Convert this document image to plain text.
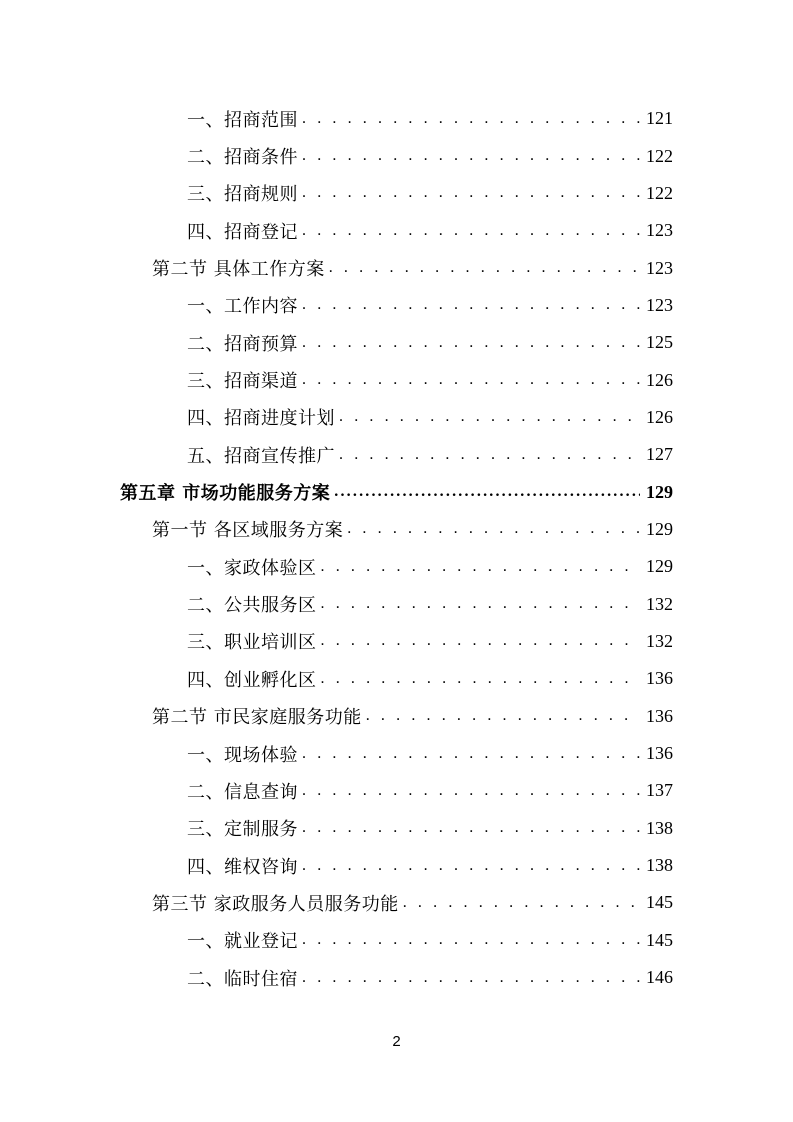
一、招商范围 . . .	121
二、招商条件 . . .	122
三、招商规则 . . .	122
四、招商登记 . . .	123
第二节 具体工作方案 . . .	123
一、工作内容 . . .	123
二、招商预算 . . .	125
三、招商渠道 . . .	126
四、招商进度计划 . . .	126
五、招商宣传推广 . . .	127
第五章 市场功能服务方案 .....	129
第一节 各区域服务方案 . . .	129
一、家政体验区 . . .	129
二、公共服务区 . . .	132
三、职业培训区 . . .	132
四、创业孵化区 . . .	136
第二节 市民家庭服务功能 . . .	136
一、现场体验 . . .	136
二、信息查询 . . .	137
三、定制服务 . . .	138
四、维权咨询 . . .	138
第三节 家政服务人员服务功能 . . .	145
一、就业登记 . . .	145
二、临时住宿 . . .	146
2
